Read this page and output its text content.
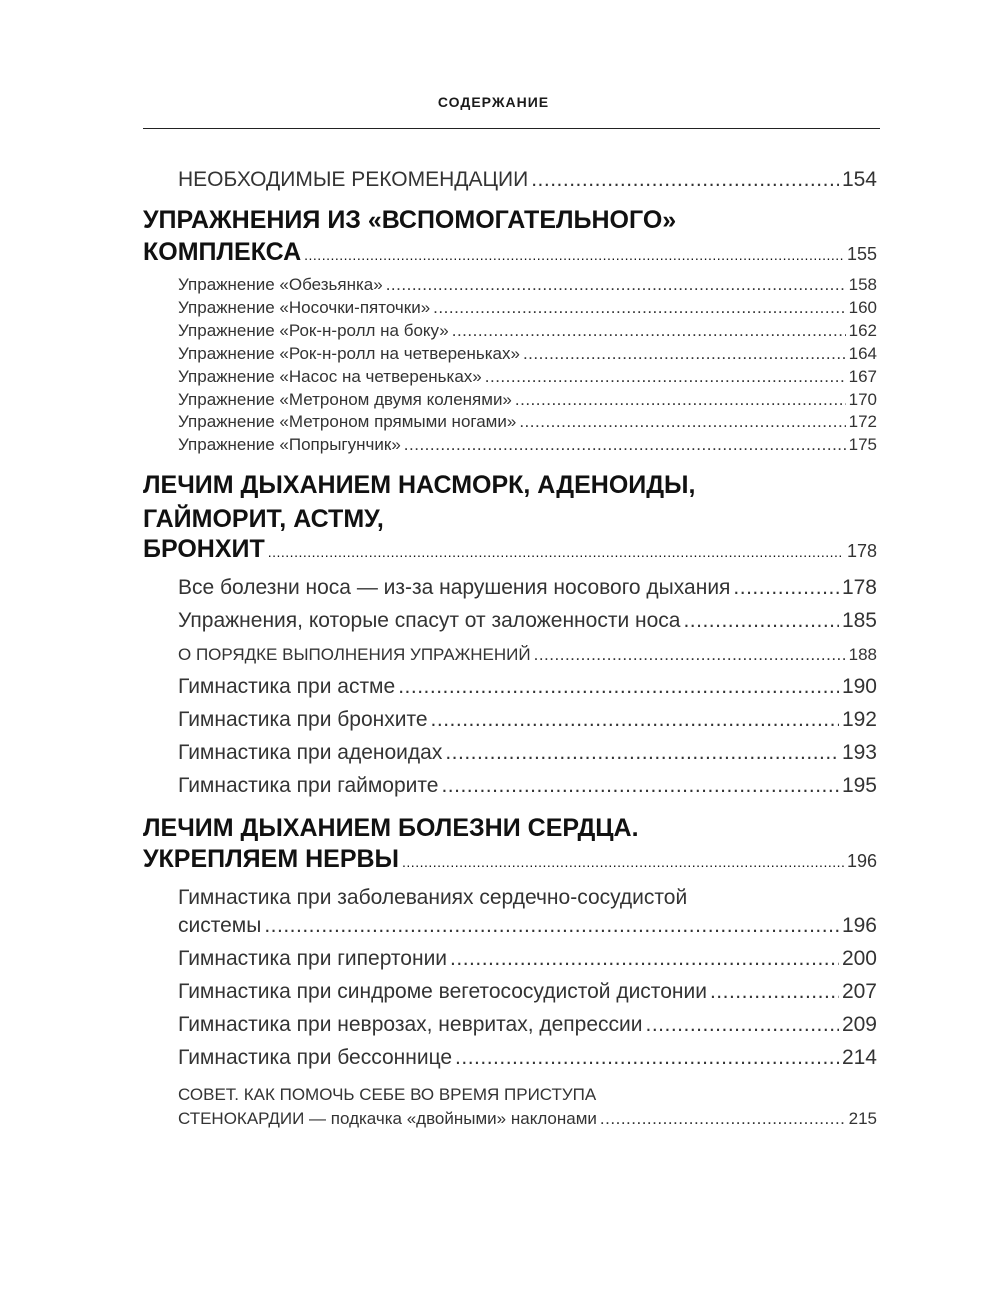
СОДЕРЖАНИЕ
НЕОБХОДИМЫЕ РЕКОМЕНДАЦИИ .....	154
УПРАЖНЕНИЯ ИЗ «ВСПОМОГАТЕЛЬНОГО»
КОМПЛЕКСА .....	155
Упражнение «Обезьянка» .....	158
Упражнение «Носочки-пяточки» .....	160
Упражнение «Рок-н-ролл на боку» .....	162
Упражнение «Рок-н-ролл на четвереньках» .....	164
Упражнение «Насос на четвереньках» .....	167
Упражнение «Метроном двумя коленями» .....	170
Упражнение «Метроном прямыми ногами» .....	172
Упражнение «Попрыгунчик» .....	175
ЛЕЧИМ ДЫХАНИЕМ НАСМОРК, АДЕНОИДЫ,
ГАЙМОРИТ, АСТМУ,
БРОНХИТ .....	178
Все болезни носа — из-за нарушения носового дыхания .....	178
Упражнения, которые спасут от заложенности носа .....	185
О ПОРЯДКЕ ВЫПОЛНЕНИЯ УПРАЖНЕНИЙ .....	188
Гимнастика при астме .....	190
Гимнастика при бронхите .....	192
Гимнастика при аденоидах .....	193
Гимнастика при гайморите .....	195
ЛЕЧИМ ДЫХАНИЕМ БОЛЕЗНИ СЕРДЦА.
УКРЕПЛЯЕМ НЕРВЫ .....	196
Гимнастика при заболеваниях сердечно-сосудистой
системы .....	196
Гимнастика при гипертонии .....	200
Гимнастика при синдроме вегетососудистой дистонии .....	207
Гимнастика при неврозах, невритах, депрессии .....	209
Гимнастика при бессоннице .....	214
СОВЕТ. КАК ПОМОЧЬ СЕБЕ ВО ВРЕМЯ ПРИСТУПА
СТЕНОКАРДИИ — подкачка «двойными» наклонами .....	215
